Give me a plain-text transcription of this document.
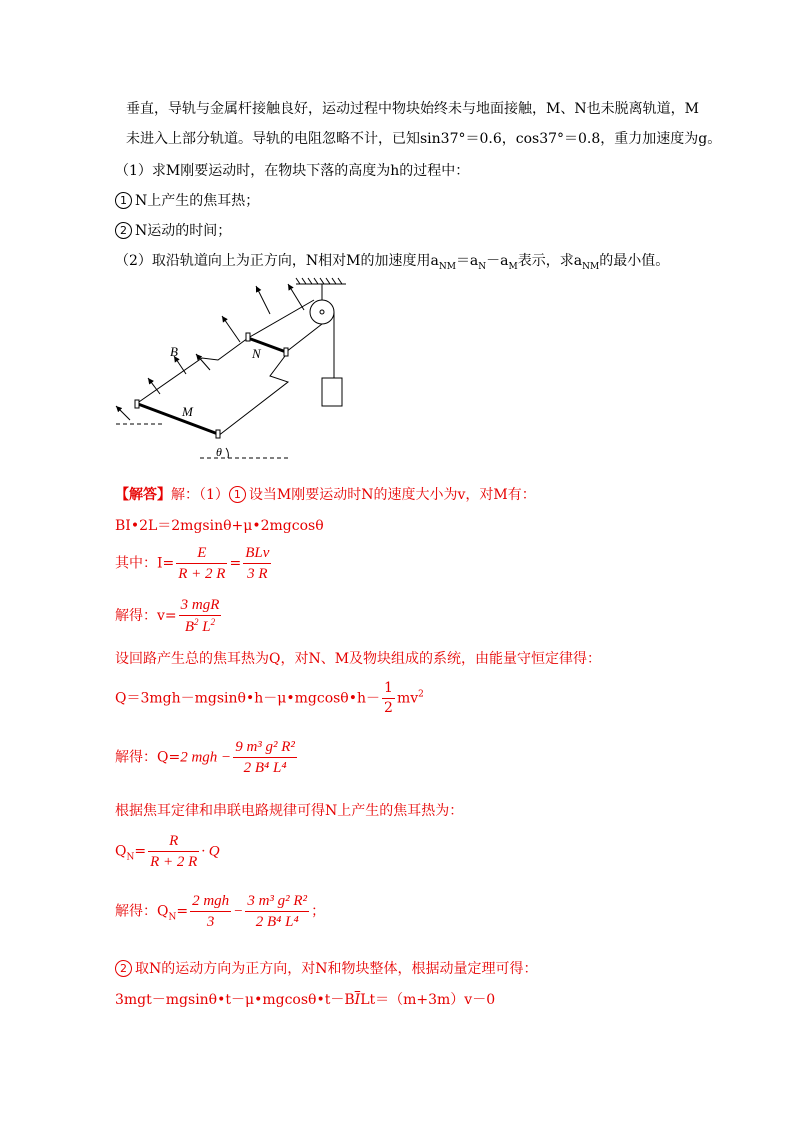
垂直，导轨与金属杆接触良好，运动过程中物块始终未与地面接触，M、N也未脱离轨道，M
未进入上部分轨道。导轨的电阻忽略不计，已知sin37°＝0.6，cos37°＝0.8，重力加速度为g。
（1）求M刚要运动时，在物块下落的高度为h的过程中：
1 N上产生的焦耳热；
2 N运动的时间；
（2）取沿轨道向上为正方向，N相对M的加速度用$a_{NM}=a_N-a_M$表示，求$a_{NM}$的最小值。
B	N
M
θ
【解答】解：（1） 1 设当M刚要运动时N的速度大小为v，对M有：
BI•2L＝2mgsinθ+μ•2mgcosθ
其中：$I= \frac{E}{R + 2 R} = \frac{\text{BLv}}{3 R}$
解得：$v= \frac{\text{3 mgR}}{B^2 L^2}$
设回路产生总的焦耳热为Q，对N、M及物块组成的系统，由能量守恒定律得：
Q＝3mgh－mgsinθ•h－μ•mgcosθ•h－ $\frac{1}{2} mv^2$
解得：Q=2 mgh − $\frac{\text{9 m³ g² R²}}{\text{2 B⁴ L⁴}}$
根据焦耳定律和串联电路规律可得N上产生的焦耳热为：
$Q_N= \frac{R}{R + 2 R} \cdot Q$
解得：$Q_N= \frac{\text{2 mgh}}{3} - \frac{\text{3 m³ g² R²}}{\text{2 B⁴ L⁴}}$ ；
2 取N的运动方向为正方向，对N和物块整体，根据动量定理可得：
$3mgt-mgsin\theta•t-\mu•mgcos\theta•t-B\overline{I}Lt=(m+3m)v-0$
